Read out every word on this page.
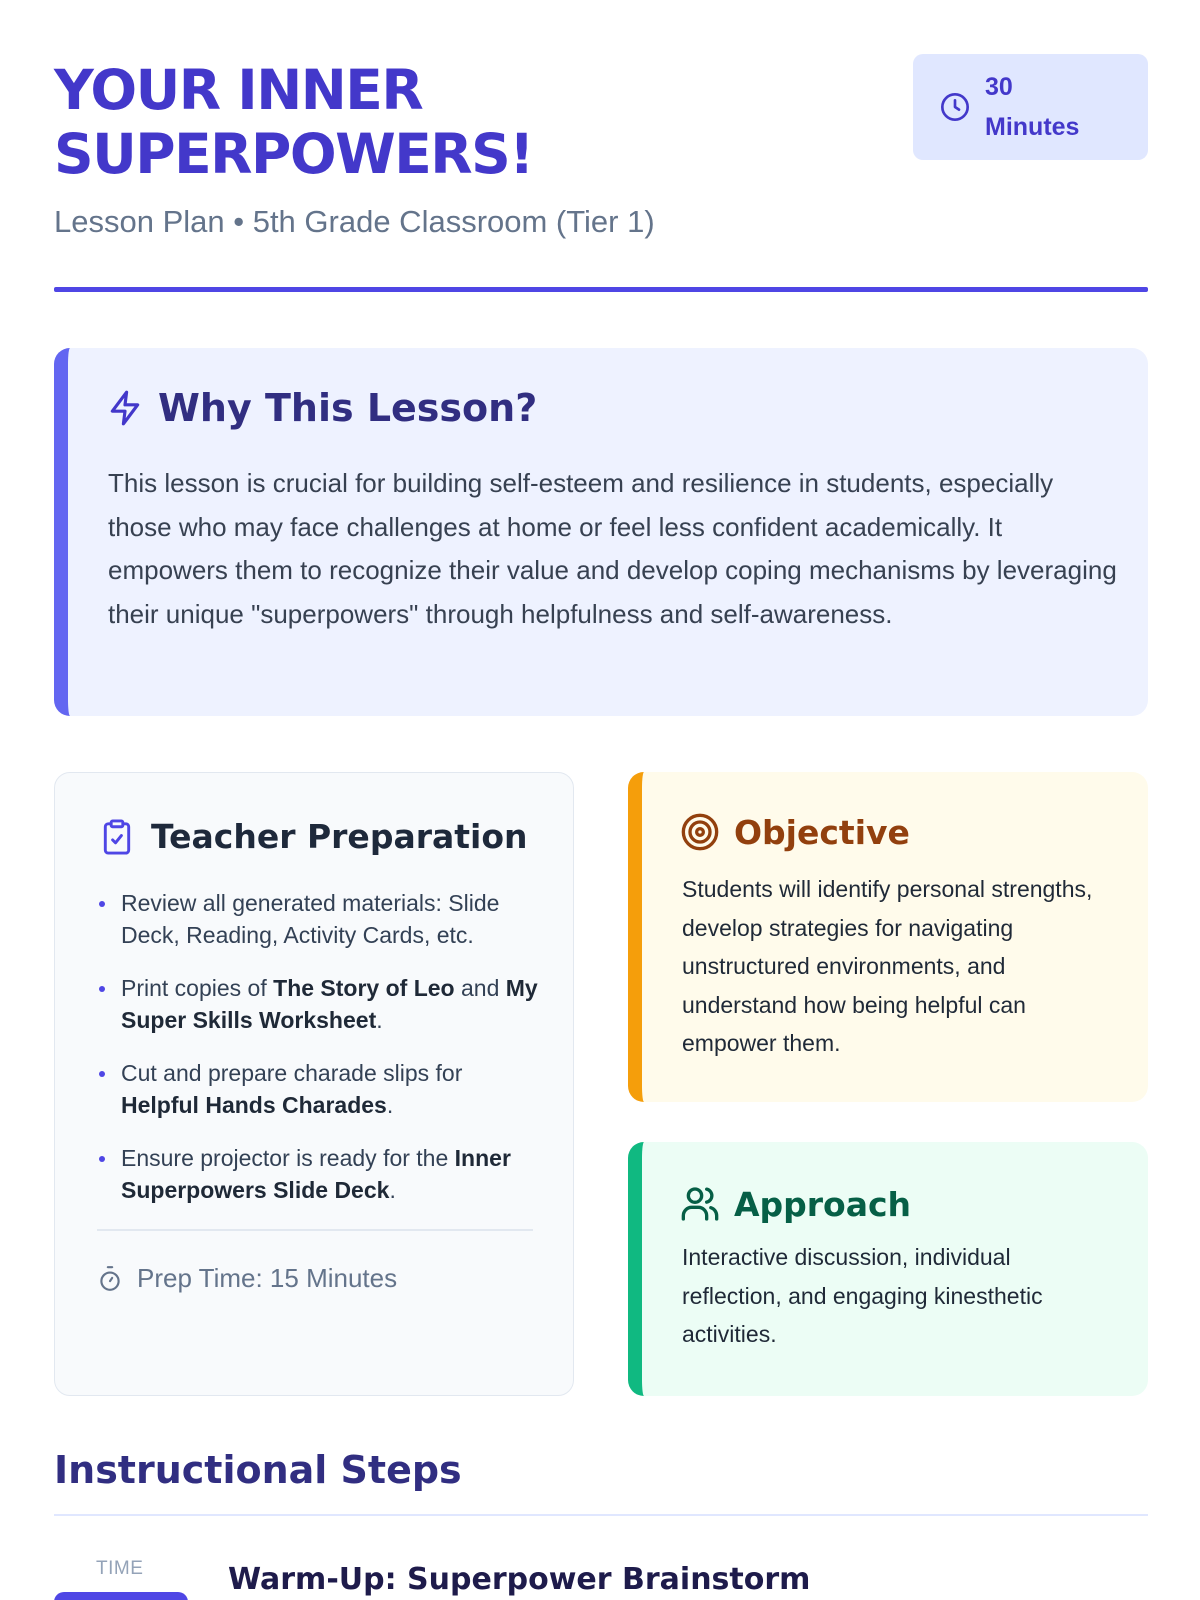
YOUR INNER
SUPERPOWERS!
Lesson Plan • 5th Grade Classroom (Tier 1)
30
Minutes
Why This Lesson?

This lesson is crucial for building self-esteem and resilience in students, especially those who may face challenges at home or feel less confident academically. It empowers them to recognize their value and develop coping mechanisms by leveraging their unique "superpowers" through helpfulness and self-awareness.

Teacher Preparation
Review all generated materials: Slide Deck, Reading, Activity Cards, etc.
Print copies of The Story of Leo and My Super Skills Worksheet.
Cut and prepare charade slips for Helpful Hands Charades.
Ensure projector is ready for the Inner Superpowers Slide Deck.
Prep Time: 15 Minutes
Objective

Students will identify personal strengths, develop strategies for navigating unstructured environments, and understand how being helpful can empower them.

Approach

Interactive discussion, individual reflection, and engaging kinesthetic activities.

Instructional Steps
TIME	Warm-Up: Superpower Brainstorm
